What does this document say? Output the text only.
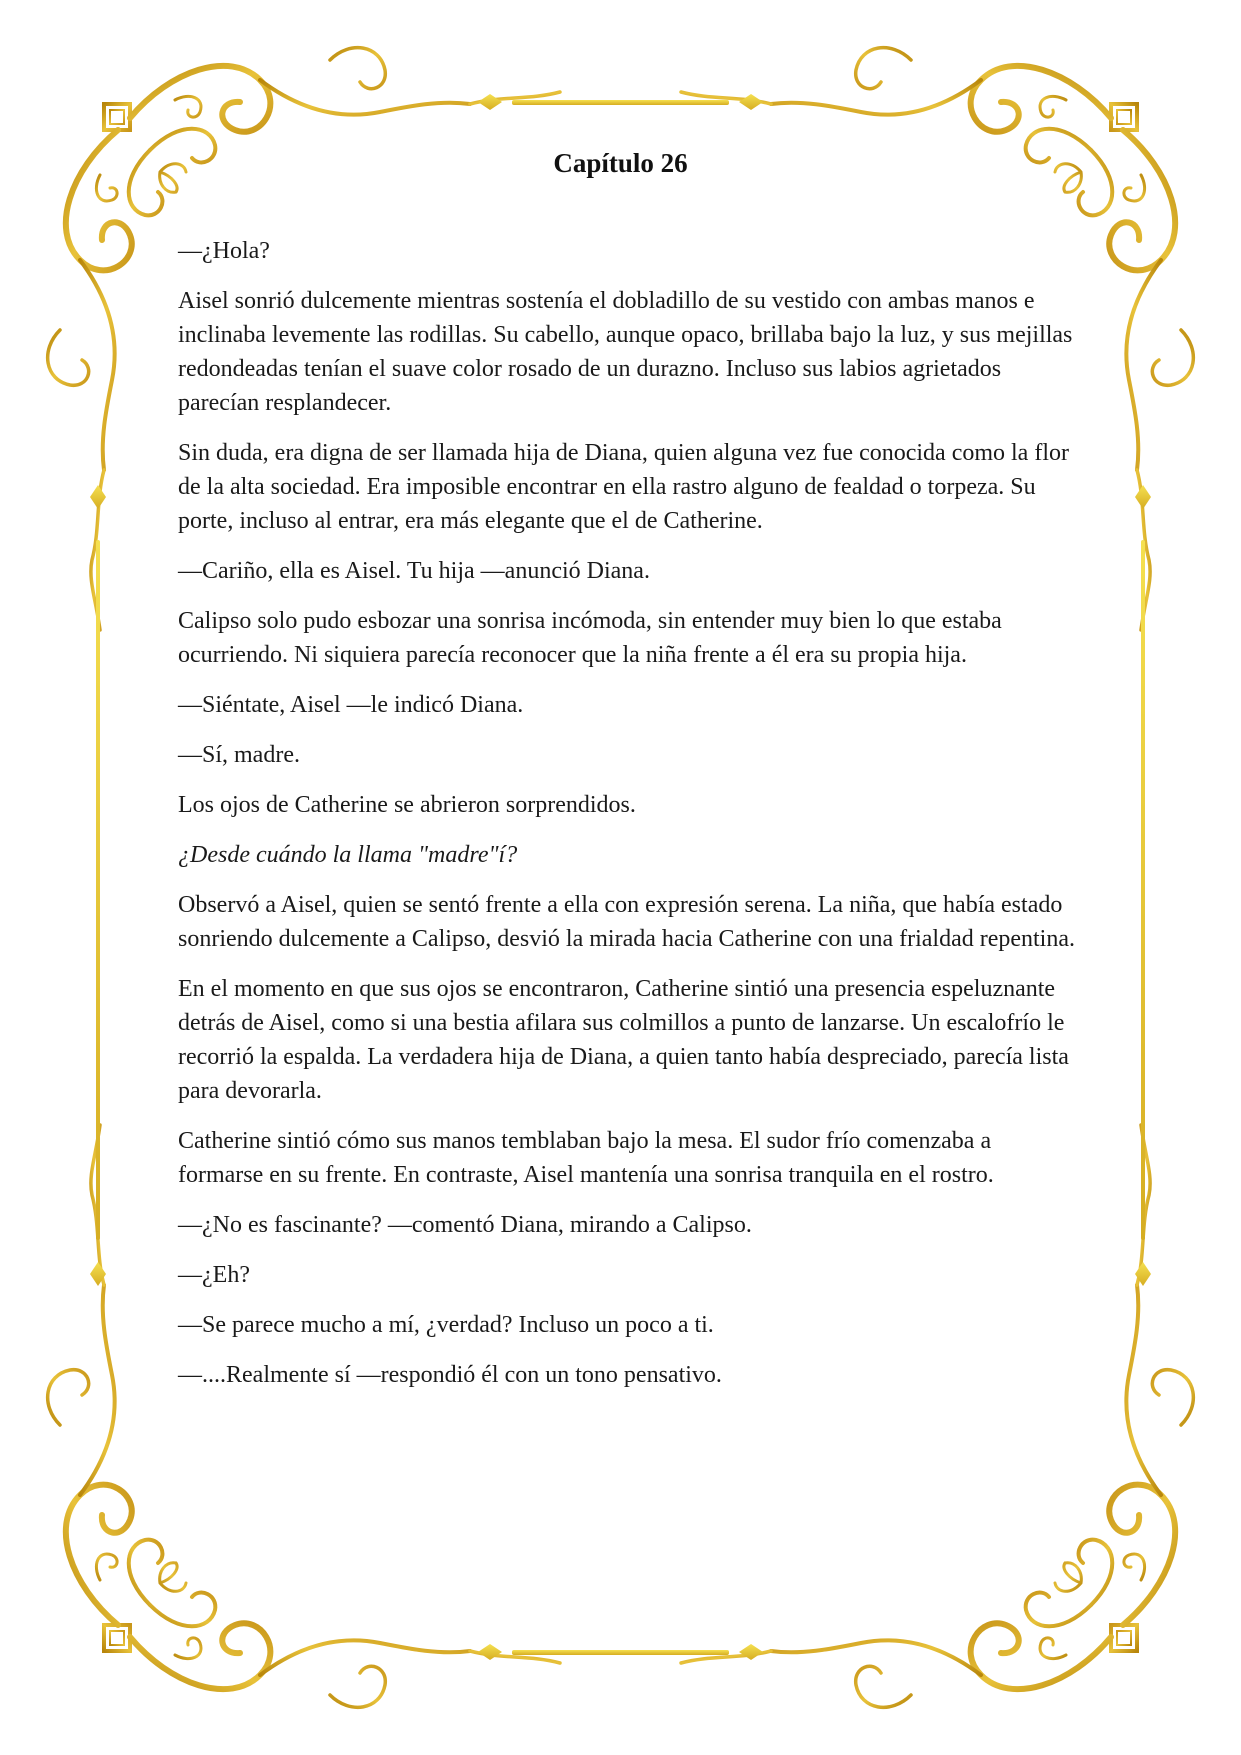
Capítulo 26

—¿Hola?

Aisel sonrió dulcemente mientras sostenía el dobladillo de su vestido con ambas manos e inclinaba levemente las rodillas. Su cabello, aunque opaco, brillaba bajo la luz, y sus mejillas redondeadas tenían el suave color rosado de un durazno. Incluso sus labios agrietados parecían resplandecer.

Sin duda, era digna de ser llamada hija de Diana, quien alguna vez fue conocida como la flor de la alta sociedad. Era imposible encontrar en ella rastro alguno de fealdad o torpeza. Su porte, incluso al entrar, era más elegante que el de Catherine.

—Cariño, ella es Aisel. Tu hija —anunció Diana.

Calipso solo pudo esbozar una sonrisa incómoda, sin entender muy bien lo que estaba ocurriendo. Ni siquiera parecía reconocer que la niña frente a él era su propia hija.

—Siéntate, Aisel —le indicó Diana.

—Sí, madre.

Los ojos de Catherine se abrieron sorprendidos.

¿Desde cuándo la llama "madre"í?

Observó a Aisel, quien se sentó frente a ella con expresión serena. La niña, que había estado sonriendo dulcemente a Calipso, desvió la mirada hacia Catherine con una frialdad repentina.

En el momento en que sus ojos se encontraron, Catherine sintió una presencia espeluznante detrás de Aisel, como si una bestia afilara sus colmillos a punto de lanzarse. Un escalofrío le recorrió la espalda. La verdadera hija de Diana, a quien tanto había despreciado, parecía lista para devorarla.

Catherine sintió cómo sus manos temblaban bajo la mesa. El sudor frío comenzaba a formarse en su frente. En contraste, Aisel mantenía una sonrisa tranquila en el rostro.

—¿No es fascinante? —comentó Diana, mirando a Calipso.

—¿Eh?

—Se parece mucho a mí, ¿verdad? Incluso un poco a ti.

—....Realmente sí —respondió él con un tono pensativo.
